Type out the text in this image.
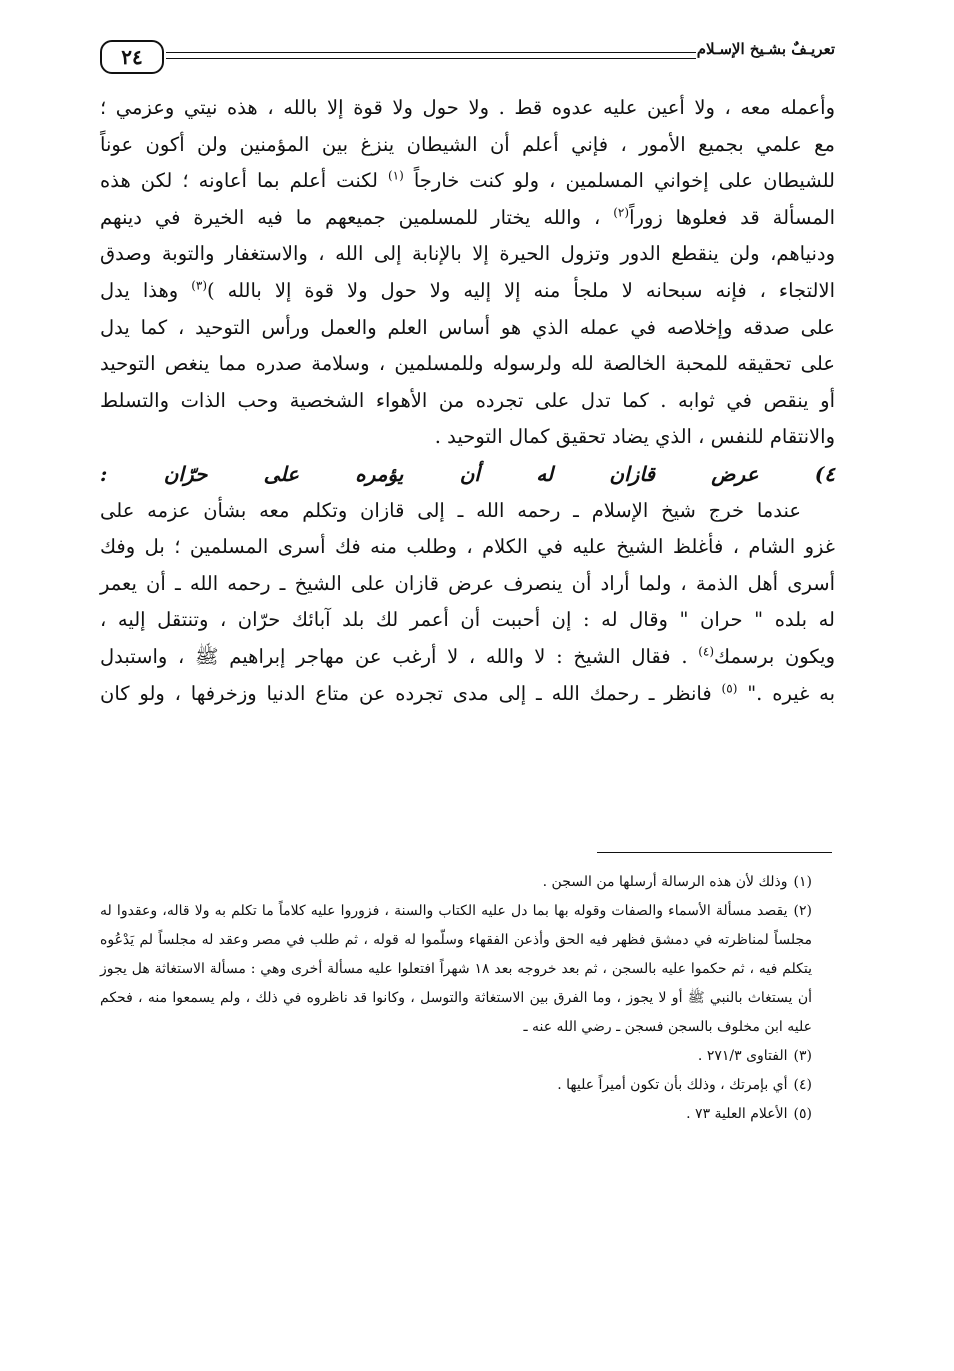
٢٤	تعريـفٌ بشـيخ الإسـلام

وأعمله معه ، ولا أعين عليه عدوه قط . ولا حول ولا قوة إلا بالله ، هذه نيتي وعزمي ؛

مع علمي بجميع الأمور ، فإني أعلم أن الشيطان ينزغ بين المؤمنين ولن أكون عوناً

للشيطان على إخواني المسلمين ، ولو كنت خارجاً $^{(١)}$ لكنت أعلم بما أعاونه ؛ لكن هذه

المسألة قد فعلوها زوراً$^{(٢)}$ ، والله يختار للمسلمين جميعهم ما فيه الخيرة في دينهم

ودنياهم، ولن ينقطع الدور وتزول الحيرة إلا بالإنابة إلى الله ، والاستغفار والتوبة وصدق

الالتجاء ، فإنه سبحانه لا ملجأ منه إلا إليه ولا حول ولا قوة إلا بالله )$^{(٣)}$ وهذا يدل

على صدقه وإخلاصه في عمله الذي هو أساس العلم والعمل ورأس التوحيد ، كما يدل

على تحقيقه للمحبة الخالصة لله ولرسوله وللمسلمين ، وسلامة صدره مما ينغص التوحيد

أو ينقص في ثوابه . كما تدل على تجرده من الأهواء الشخصية وحب الذات والتسلط

والانتقام للنفس ، الذي يضاد تحقيق كمال التوحيد .

٤) عرض قازان له أن يؤمره على حرّان :

عندما خرج شيخ الإسلام ـ رحمه الله ـ إلى قازان وتكلم معه بشأن عزمه على

غزو الشام ، فأغلظ الشيخ عليه في الكلام ، وطلب منه فك أسرى المسلمين ؛ بل وفك

أسرى أهل الذمة ، ولما أراد أن ينصرف عرض قازان على الشيخ ـ رحمه الله ـ أن يعمر

له بلده " حران " وقال له : إن أحببت أن أعمر لك بلد آبائك حرّان ، وتنتقل إليه ،

ويكون برسمك$^{(٤)}$ . فقال الشيخ : لا والله ، لا أرغب عن مهاجر إبراهيم ﷺ ، واستبدل

به غيره ." $^{(٥)}$ فانظر ـ رحمك الله ـ إلى مدى تجرده عن متاع الدنيا وزخرفها ، ولو كان

(١)وذلك لأن هذه الرسالة أرسلها من السجن .
(٢)يقصد مسألة الأسماء والصفات وقوله بها بما دل عليه الكتاب والسنة ، فزوروا عليه كلاماً ما تكلم به ولا قاله، وعقدوا له مجلساً لمناظرته في دمشق فظهر فيه الحق وأذعن الفقهاء وسلّموا له قوله ، ثم طلب في مصر وعقد له مجلساً لم يَدْعُوه يتكلم فيه ، ثم حكموا عليه بالسجن ، ثم بعد خروجه بعد ١٨ شهراً افتعلوا عليه مسألة أخرى وهي : مسألة الاستغاثة هل يجوز أن يستغاث بالنبي ﷺ أو لا يجوز ، وما الفرق بين الاستغاثة والتوسل ، وكانوا قد ناظروه في ذلك ، ولم يسمعوا منه ، فحكم عليه ابن مخلوف بالسجن فسجن ـ رضي الله عنه ـ
(٣)الفتاوى ٢٧١/٣ .
(٤)أي بإمرتك ، وذلك بأن تكون أميراً عليها .
(٥)الأعلام العلية ٧٣ .
